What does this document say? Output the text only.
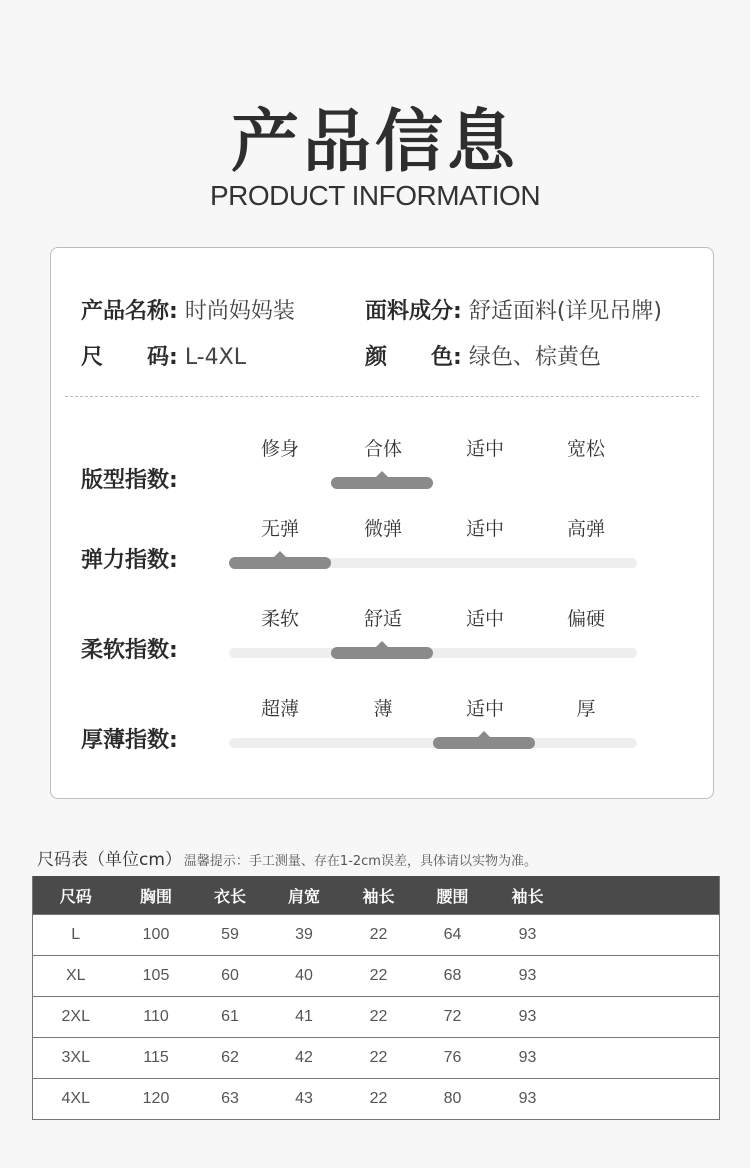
产品信息
PRODUCT INFORMATION
产品名称: 时尚妈妈装	面料成分: 舒适面料(详见吊牌)
尺　　码: L-4XL	颜　　色: 绿色、棕黄色
版型指数:
修身	合体	适中	宽松
弹力指数:
无弹	微弹	适中	高弹
柔软指数:
柔软	舒适	适中	偏硬
厚薄指数:
超薄	薄	适中	厚
尺码表（单位cm） 温馨提示：手工测量、存在1-2cm误差，具体请以实物为准。
尺码	胸围	衣长	肩宽	袖长	腰围	袖长	
L	100	59	39	22	64	93	
XL	105	60	40	22	68	93	
2XL	110	61	41	22	72	93	
3XL	115	62	42	22	76	93	
4XL	120	63	43	22	80	93	
